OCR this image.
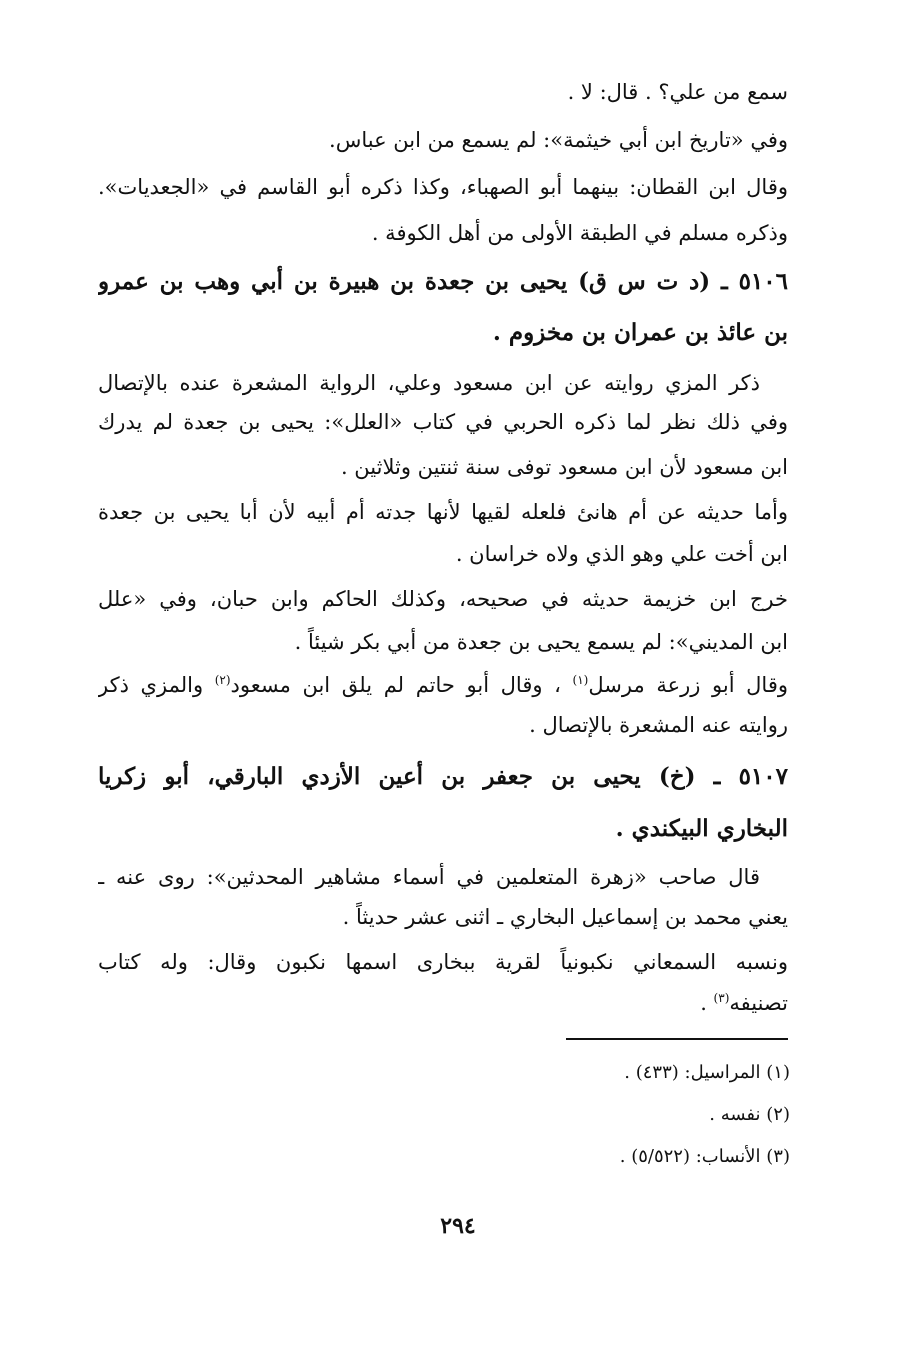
سمع من علي؟ . قال: لا .
وفي «تاريخ ابن أبي خيثمة»: لم يسمع من ابن عباس.
وقال ابن القطان: بينهما أبو الصهباء، وكذا ذكره أبو القاسم في «الجعديات».
وذكره مسلم في الطبقة الأولى من أهل الكوفة .
٥١٠٦ ـ (د ت س ق) يحيى بن جعدة بن هبيرة بن أبي وهب بن عمرو
بن عائذ بن عمران بن مخزوم .
ذكر المزي روايته عن ابن مسعود وعلي، الرواية المشعرة عنده بالإتصال
وفي ذلك نظر لما ذكره الحربي في كتاب «العلل»: يحيى بن جعدة لم يدرك
ابن مسعود لأن ابن مسعود توفى سنة ثنتين وثلاثين .
وأما حديثه عن أم هانئ فلعله لقيها لأنها جدته أم أبيه لأن أبا يحيى بن جعدة
ابن أخت علي وهو الذي ولاه خراسان .
خرج ابن خزيمة حديثه في صحيحه، وكذلك الحاكم وابن حبان، وفي «علل
ابن المديني»: لم يسمع يحيى بن جعدة من أبي بكر شيئاً .
وقال أبو زرعة مرسل$^{(١)}$ ، وقال أبو حاتم لم يلق ابن مسعود$^{(٢)}$ والمزي ذكر
روايته عنه المشعرة بالإتصال .
٥١٠٧ ـ (خ) يحيى بن جعفر بن أعين الأزدي البارقي، أبو زكريا
البخاري البيكندي .
قال صاحب «زهرة المتعلمين في أسماء مشاهير المحدثين»: روى عنه ـ
يعني محمد بن إسماعيل البخاري ـ اثنى عشر حديثاً .
ونسبه السمعاني نكبونياً لقرية ببخارى اسمها نكبون وقال: وله كتاب
تصنيفه$^{(٣)}$ .
(١) المراسيل: (٤٣٣) .
(٢) نفسه .
(٣) الأنساب: (٥/٥٢٢) .
٢٩٤
